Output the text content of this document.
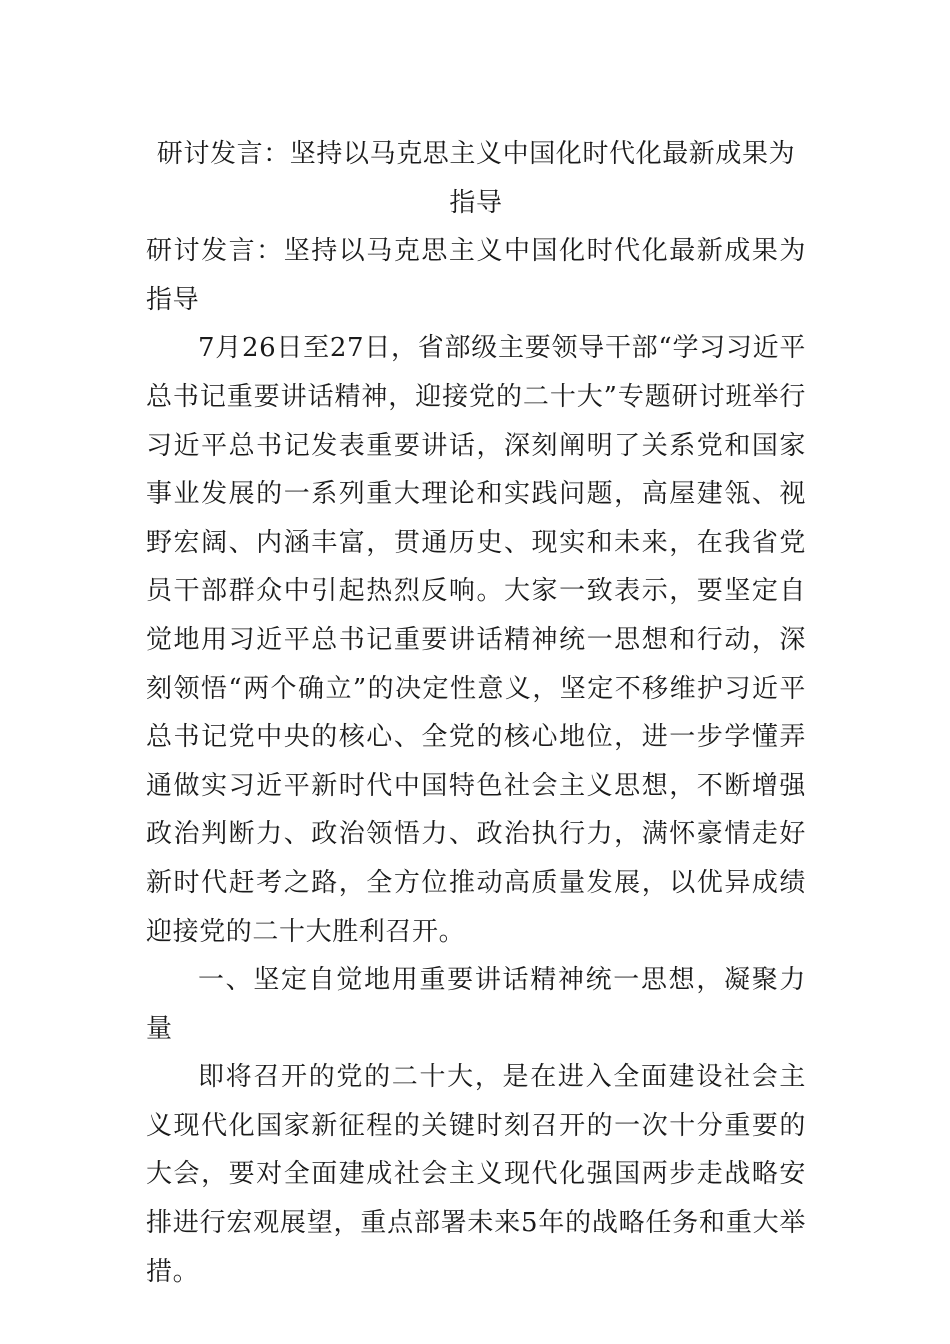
研讨发言：坚持以马克思主义中国化时代化最新成果为指导

研讨发言：坚持以马克思主义中国化时代化最新成果为指导

7月26日至27日，省部级主要领导干部“学习习近平总书记重要讲话精神，迎接党的二十大”专题研讨班举行习近平总书记发表重要讲话，深刻阐明了关系党和国家事业发展的一系列重大理论和实践问题，高屋建瓴、视野宏阔、内涵丰富，贯通历史、现实和未来，在我省党员干部群众中引起热烈反响。大家一致表示，要坚定自觉地用习近平总书记重要讲话精神统一思想和行动，深刻领悟“两个确立”的决定性意义，坚定不移维护习近平总书记党中央的核心、全党的核心地位，进一步学懂弄通做实习近平新时代中国特色社会主义思想，不断增强政治判断力、政治领悟力、政治执行力，满怀豪情走好新时代赶考之路，全方位推动高质量发展，以优异成绩迎接党的二十大胜利召开。

一、坚定自觉地用重要讲话精神统一思想，凝聚力量

即将召开的党的二十大，是在进入全面建设社会主义现代化国家新征程的关键时刻召开的一次十分重要的大会，要对全面建成社会主义现代化强国两步走战略安排进行宏观展望，重点部署未来5年的战略任务和重大举措。
